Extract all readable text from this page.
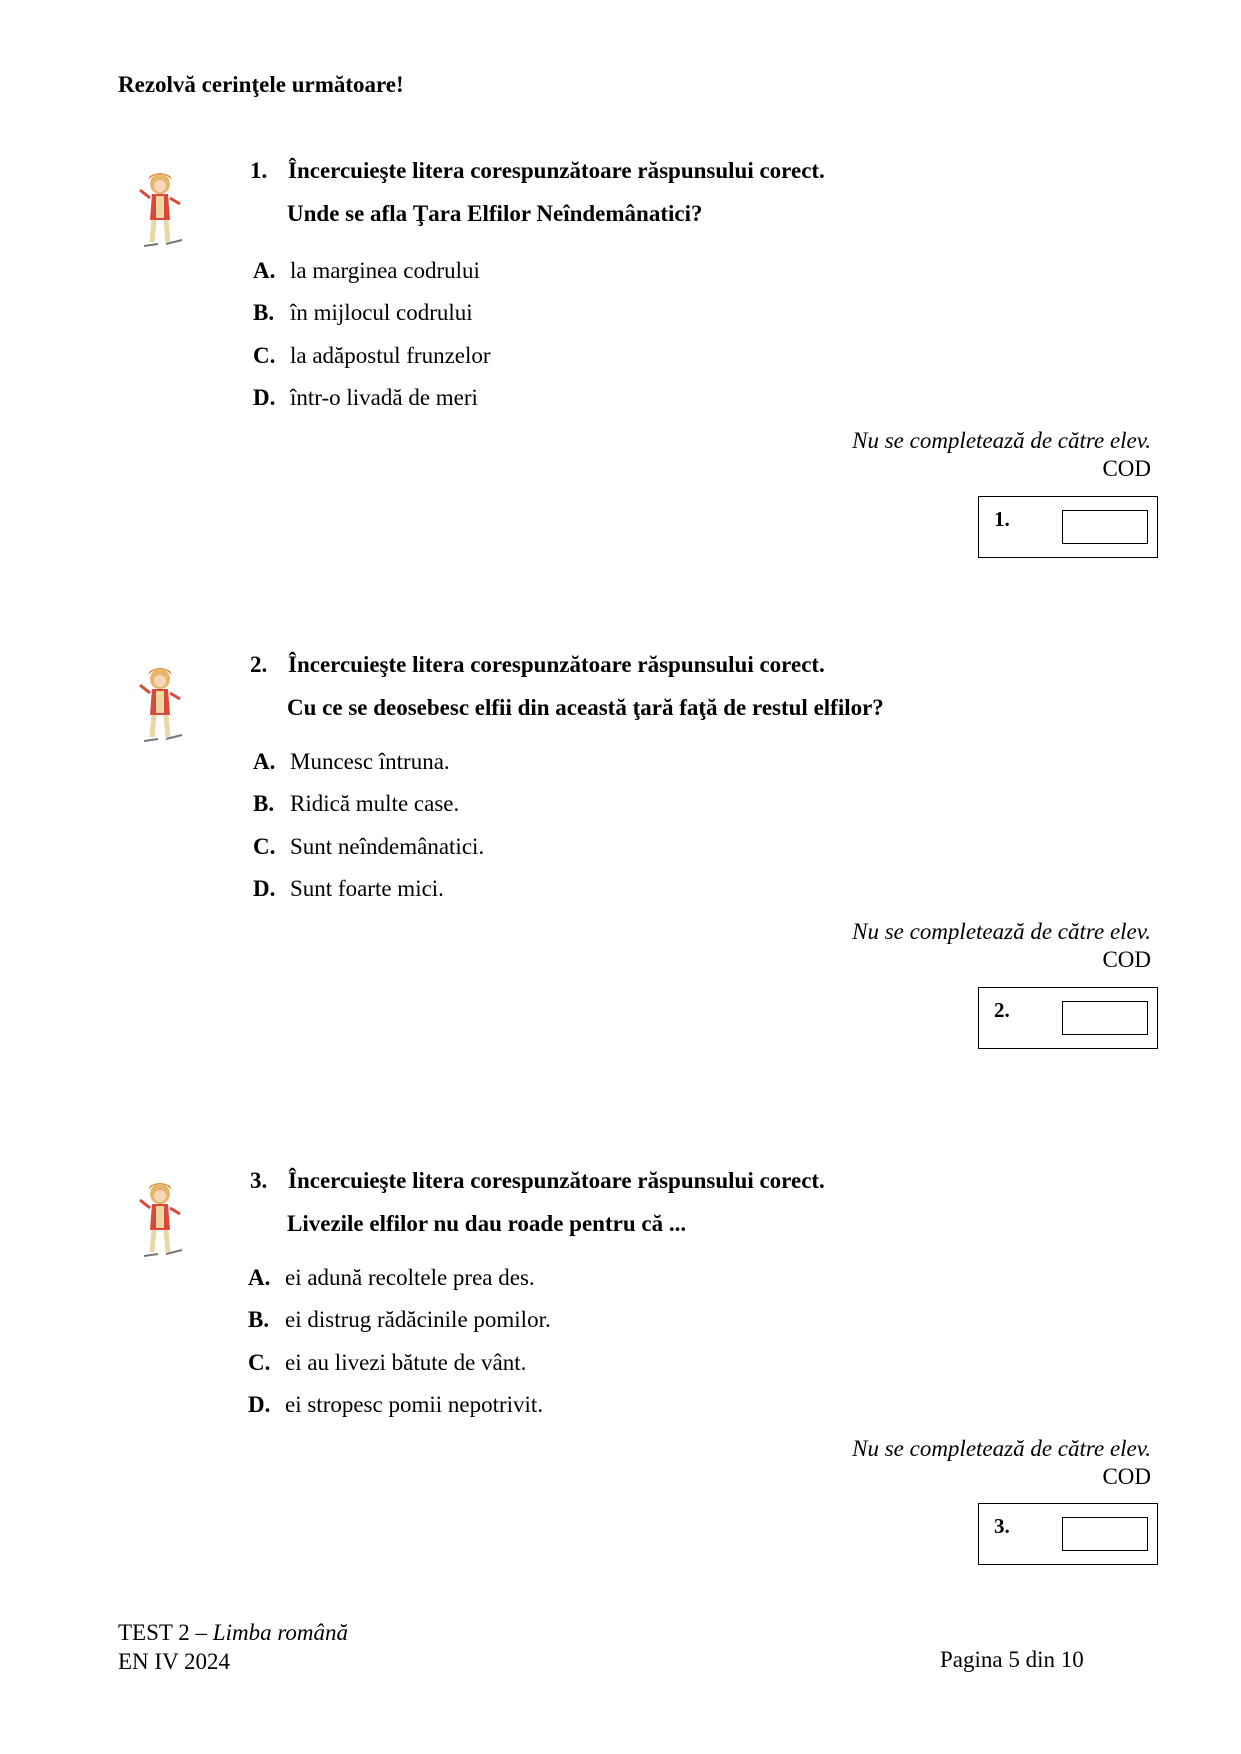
Rezolvă cerinţele următoare!
1. Încercuieşte litera corespunzătoare răspunsului corect.
Unde se afla Ţara Elfilor Neîndemânatici?
A. la marginea codrului
B. în mijlocul codrului
C. la adăpostul frunzelor
D. într-o livadă de meri
Nu se completează de către elev.
COD
1.
2. Încercuieşte litera corespunzătoare răspunsului corect.
Cu ce se deosebesc elfii din această ţară faţă de restul elfilor?
A. Muncesc întruna.
B. Ridică multe case.
C. Sunt neîndemânatici.
D. Sunt foarte mici.
Nu se completează de către elev.
COD
2.
3. Încercuieşte litera corespunzătoare răspunsului corect.
Livezile elfilor nu dau roade pentru că ...
A. ei adună recoltele prea des.
B. ei distrug rădăcinile pomilor.
C. ei au livezi bătute de vânt.
D. ei stropesc pomii nepotrivit.
Nu se completează de către elev.
COD
3.
TEST 2 – Limba română
EN IV 2024	Pagina 5 din 10
